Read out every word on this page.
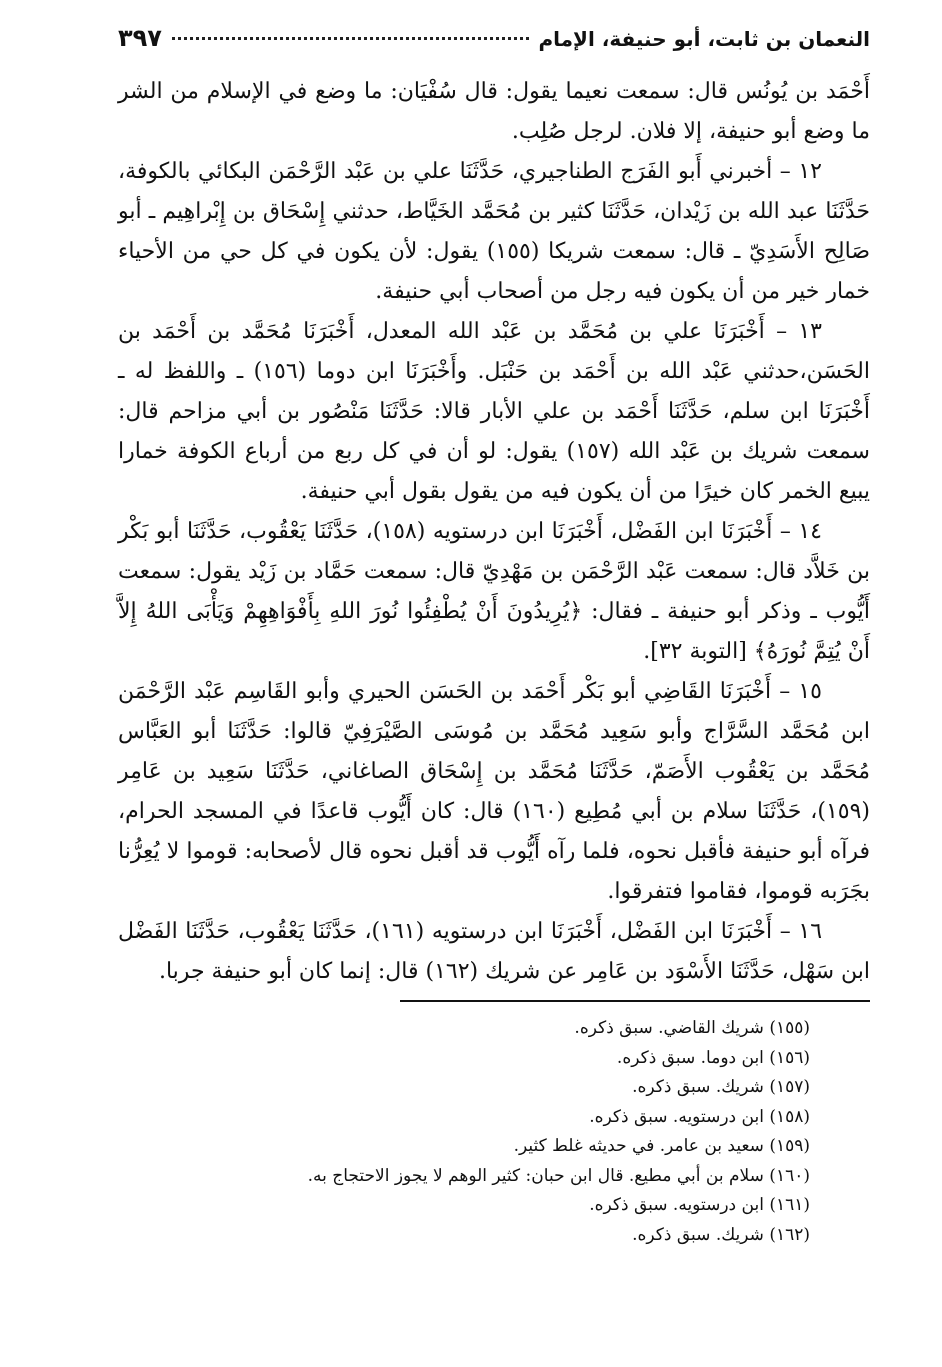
النعمان بن ثابت، أبو حنيفة، الإمام
٣٩٧

أَحْمَد بن يُونُس قال: سمعت نعيما يقول: قال سُفْيَان: ما وضع في الإسلام من الشر ما وضع أبو حنيفة، إلا فلان. لرجل صُلِب.

١٢ – أخبرني أَبو الفَرَج الطناجيري، حَدَّثَنَا علي بن عَبْد الرَّحْمَن البكائي بالكوفة، حَدَّثَنَا عبد الله بن زَيْدان، حَدَّثَنَا كثير بن مُحَمَّد الخَيَّاط، حدثني إِسْحَاق بن إِبْراهِيم ـ أبو صَالِح الأَسَدِيّ ـ قال: سمعت شريكا (١٥٥) يقول: لأن يكون في كل حي من الأحياء خمار خير من أن يكون فيه رجل من أصحاب أبي حنيفة.

١٣ – أَخْبَرَنَا علي بن مُحَمَّد بن عَبْد الله المعدل، أَخْبَرَنَا مُحَمَّد بن أَحْمَد بن الحَسَن،حدثني عَبْد الله بن أَحْمَد بن حَنْبَل. وأَخْبَرَنَا ابن دوما (١٥٦) ـ واللفظ له ـ أَخْبَرَنَا ابن سلم، حَدَّثَنَا أَحْمَد بن علي الأبار قالا: حَدَّثَنَا مَنْصُور بن أبي مزاحم قال: سمعت شريك بن عَبْد الله (١٥٧) يقول: لو أن في كل ربع من أرباع الكوفة خمارا يبيع الخمر كان خيرًا من أن يكون فيه من يقول بقول أبي حنيفة.

١٤ – أَخْبَرَنَا ابن الفَضْل، أَخْبَرَنَا ابن درستويه (١٥٨)، حَدَّثَنَا يَعْقُوب، حَدَّثَنَا أبو بَكْر بن خَلاَّد قال: سمعت عَبْد الرَّحْمَن بن مَهْدِيّ قال: سمعت حَمَّاد بن زَيْد يقول: سمعت أَيُّوب ـ وذكر أبو حنيفة ـ فقال: ﴿يُرِيدُونَ أَنْ يُطْفِئُوا نُورَ اللهِ بِأَفْوَاهِهِمْ وَيَأْبَى اللهُ إِلاَّ أَنْ يُتِمَّ نُورَهُ﴾ [التوبة ٣٢].

١٥ – أَخْبَرَنَا القَاضِي أبو بَكْر أَحْمَد بن الحَسَن الحيري وأبو القَاسِم عَبْد الرَّحْمَن ابن مُحَمَّد السَّرَّاج وأبو سَعِيد مُحَمَّد بن مُوسَى الصَّيْرَفِيّ قالوا: حَدَّثَنَا أبو العَبَّاس مُحَمَّد بن يَعْقُوب الأَصَمّ، حَدَّثَنَا مُحَمَّد بن إِسْحَاق الصاغاني، حَدَّثَنَا سَعِيد بن عَامِر (١٥٩)، حَدَّثَنَا سلام بن أبي مُطِيع (١٦٠) قال: كان أَيُّوب قاعدًا في المسجد الحرام، فرآه أبو حنيفة فأقبل نحوه، فلما رآه أَيُّوب قد أقبل نحوه قال لأصحابه: قوموا لا يُعِرُّنا بجَرَبه قوموا، فقاموا فتفرقوا.

١٦ – أَخْبَرَنَا ابن الفَضْل، أَخْبَرَنَا ابن درستويه (١٦١)، حَدَّثَنَا يَعْقُوب، حَدَّثَنَا الفَضْل ابن سَهْل، حَدَّثَنَا الأَسْوَد بن عَامِر عن شريك (١٦٢) قال: إنما كان أبو حنيفة جربا.

(١٥٥) شريك القاضي. سبق ذكره.
(١٥٦) ابن دوما. سبق ذكره.
(١٥٧) شريك. سبق ذكره.
(١٥٨) ابن درستويه. سبق ذكره.
(١٥٩) سعيد بن عامر. في حديثه غلط كثير.
(١٦٠) سلام بن أبي مطيع. قال ابن حبان: كثير الوهم لا يجوز الاحتجاج به.
(١٦١) ابن درستويه. سبق ذكره.
(١٦٢) شريك. سبق ذكره.
